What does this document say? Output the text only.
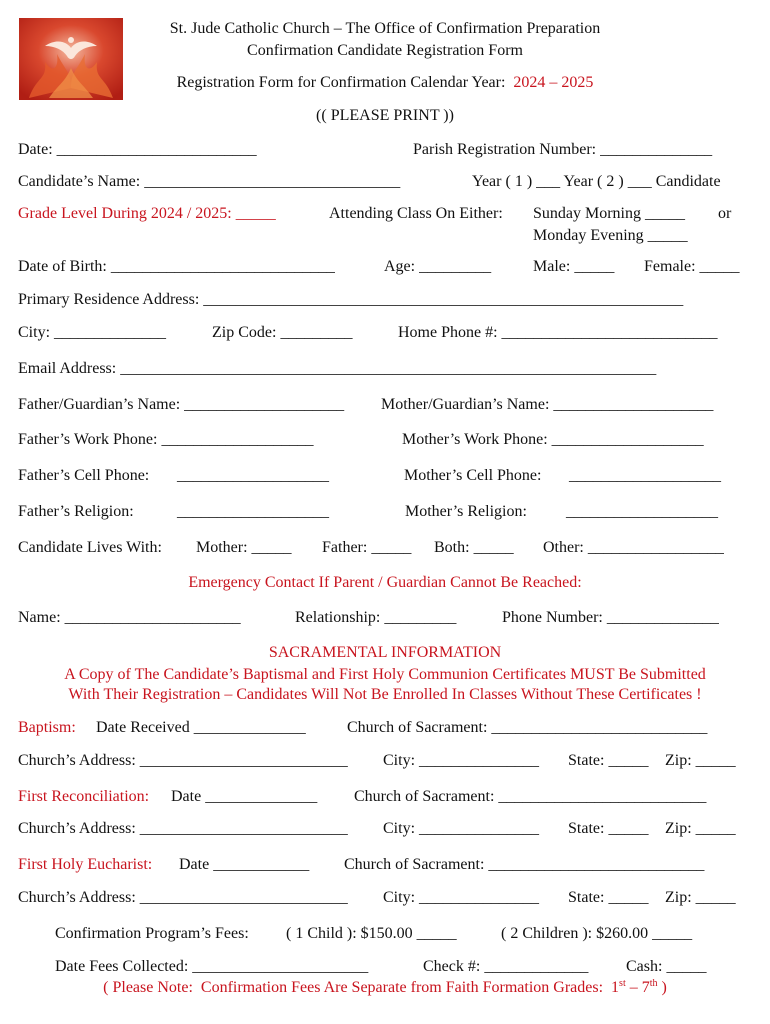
St. Jude Catholic Church – The Office of Confirmation Preparation
Confirmation Candidate Registration Form
Registration Form for Confirmation Calendar Year: 2024 – 2025
(( PLEASE PRINT ))
Date: _________________________	Parish Registration Number: ______________
Candidate’s Name: ________________________________	Year ( 1 ) ___ Year ( 2 ) ___ Candidate
Grade Level During 2024 / 2025: _____	Attending Class On Either: Sunday Morning _____ or
Monday Evening _____
Date of Birth: ____________________________	Age: _________	Male: _____ Female: _____
Primary Residence Address: ____________________________________________________________
City: ______________	Zip Code: _________	Home Phone #: ___________________________
Email Address: ___________________________________________________________________
Father/Guardian’s Name: ____________________ Mother/Guardian’s Name: ____________________
Father’s Work Phone: ___________________	Mother’s Work Phone: ___________________
Father’s Cell Phone: ___________________	Mother’s Cell Phone: ___________________
Father’s Religion:	___________________	Mother’s Religion: ___________________
Candidate Lives With: Mother: _____ Father: _____ Both: _____ Other: _________________
Emergency Contact If Parent / Guardian Cannot Be Reached:
Name: ______________________	Relationship: _________	Phone Number: ______________
SACRAMENTAL INFORMATION
A Copy of The Candidate’s Baptismal and First Holy Communion Certificates MUST Be Submitted
With Their Registration – Candidates Will Not Be Enrolled In Classes Without These Certificates !
Baptism: Date Received ______________	Church of Sacrament: ___________________________
Church’s Address: __________________________ City: _______________ State: _____ Zip: _____
First Reconciliation: Date ______________ Church of Sacrament: __________________________
Church’s Address: __________________________ City: _______________ State: _____ Zip: _____
First Holy Eucharist: Date ____________ Church of Sacrament: ___________________________
Church’s Address: __________________________ City: _______________ State: _____ Zip: _____
Confirmation Program’s Fees: ( 1 Child ): $150.00 _____	( 2 Children ): $260.00 _____
Date Fees Collected: ______________________	Check #: _____________ Cash: _____
( Please Note:  Confirmation Fees Are Separate from Faith Formation Grades:  1st – 7th )
